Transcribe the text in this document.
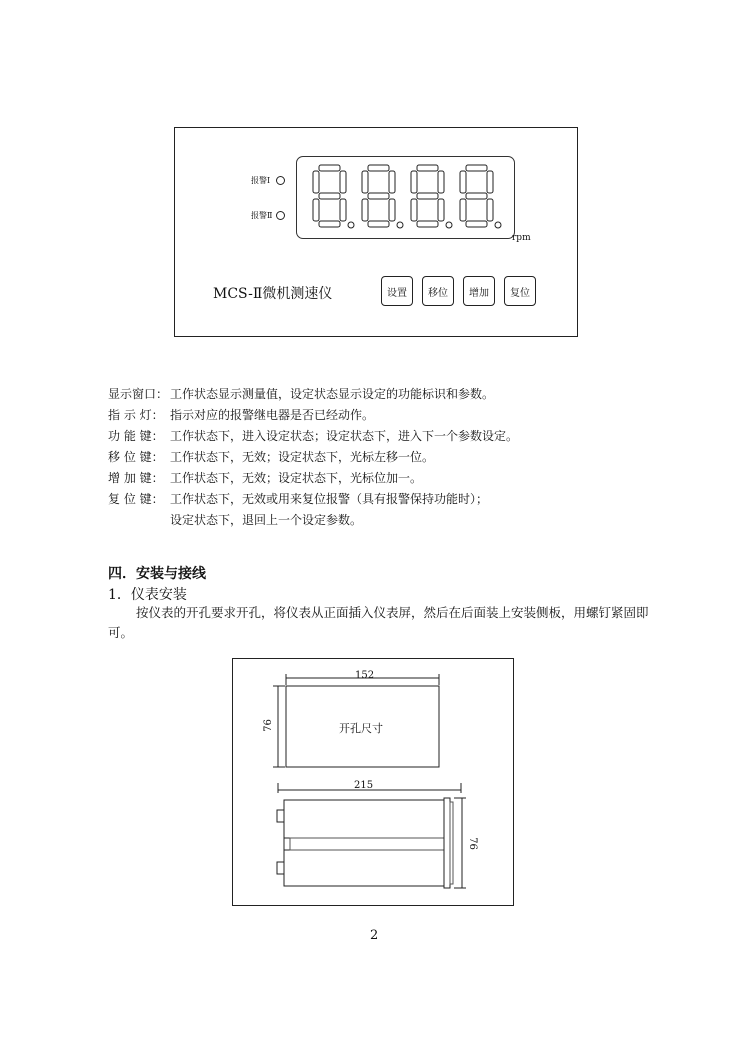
报警Ⅰ
报警Ⅱ
rpm
MCS-Ⅱ微机测速仪	设置	移位	增加	复位
显示窗口： 工作状态显示测量值，设定状态显示设定的功能标识和参数。
指 示 灯： 指示对应的报警继电器是否已经动作。
功 能 键： 工作状态下，进入设定状态；设定状态下，进入下一个参数设定。
移 位 键： 工作状态下，无效；设定状态下，光标左移一位。
增 加 键： 工作状态下，无效；设定状态下，光标位加一。
复 位 键： 工作状态下，无效或用来复位报警（具有报警保持功能时）；
设定状态下，退回上一个设定参数。
四．安装与接线
1．仪表安装
按仪表的开孔要求开孔，将仪表从正面插入仪表屏，然后在后面装上安装侧板，用螺钉紧固即可。
152
76	开孔尺寸
215
76
2
